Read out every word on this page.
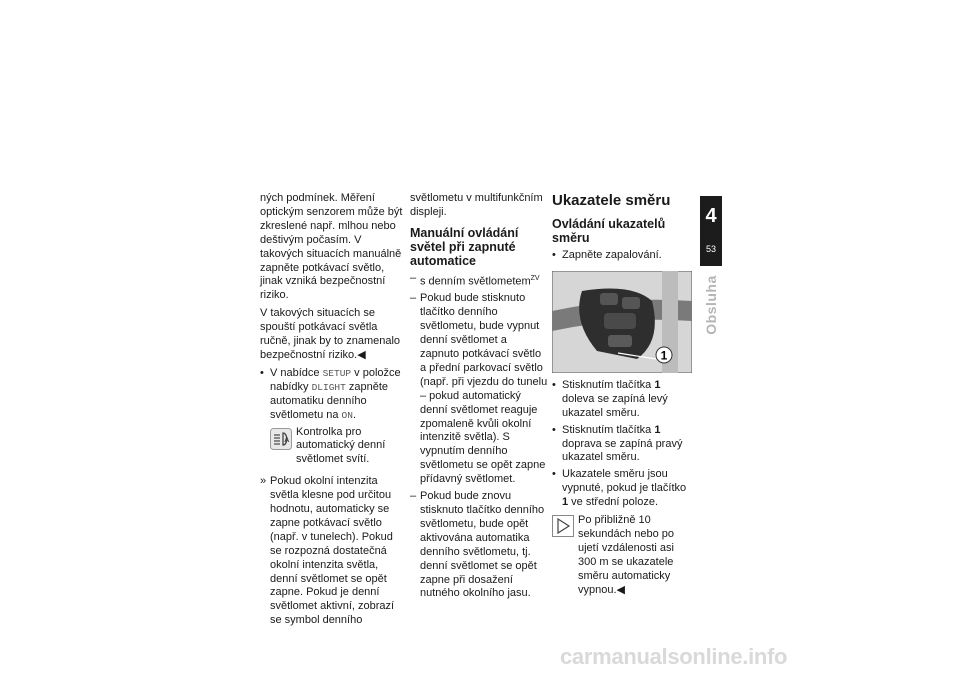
ných podmínek. Měření optickým senzorem může být zkreslené např. mlhou nebo deštivým počasím. V takových situacích manuálně zapněte potkávací světlo, jinak vzniká bezpečnostní riziko.

V takových situacích se spouští potkávací světla ručně, jinak by to znamenalo bezpečnostní riziko.◀

• V nabídce SETUP v položce nabídky DLIGHT zapněte automatiku denního světlometu na ON.
A
Kontrolka pro automatický denní světlomet svítí.
» Pokud okolní intenzita světla klesne pod určitou hodnotu, automaticky se zapne potkávací světlo (např. v tunelech). Pokud se rozpozná dostatečná okolní intenzita světla, denní světlomet se opět zapne. Pokud je denní světlomet aktivní, zobrazí se symbol denního

světlometu v multifunkčním displeji.

Manuální ovládání světel při zapnuté automatice
– s denním světlometem$^{ZV}$
– Pokud bude stisknuto tlačítko denního světlometu, bude vypnut denní světlomet a zapnuto potkávací světlo a přední parkovací světlo (např. při vjezdu do tunelu – pokud automatický denní světlomet reaguje zpomaleně kvůli okolní intenzitě světla). S vypnutím denního světlometu se opět zapne přídavný světlomet.
– Pokud bude znovu stisknuto tlačítko denního světlometu, bude opět aktivována automatika denního světlometu, tj. denní světlomet se opět zapne při dosažení nutného okolního jasu.
Ukazatele směru
Ovládání ukazatelů směru
• Zapněte zapalování.
1
• Stisknutím tlačítka 1 doleva se zapíná levý ukazatel směru.
• Stisknutím tlačítka 1 doprava se zapíná pravý ukazatel směru.
• Ukazatele směru jsou vypnuté, pokud je tlačítko 1 ve střední poloze.
Po přibližně 10 sekundách nebo po ujetí vzdálenosti asi 300 m se ukazatele směru automaticky vypnou.◀
4
53
Obsluha
carmanualsonline.info
